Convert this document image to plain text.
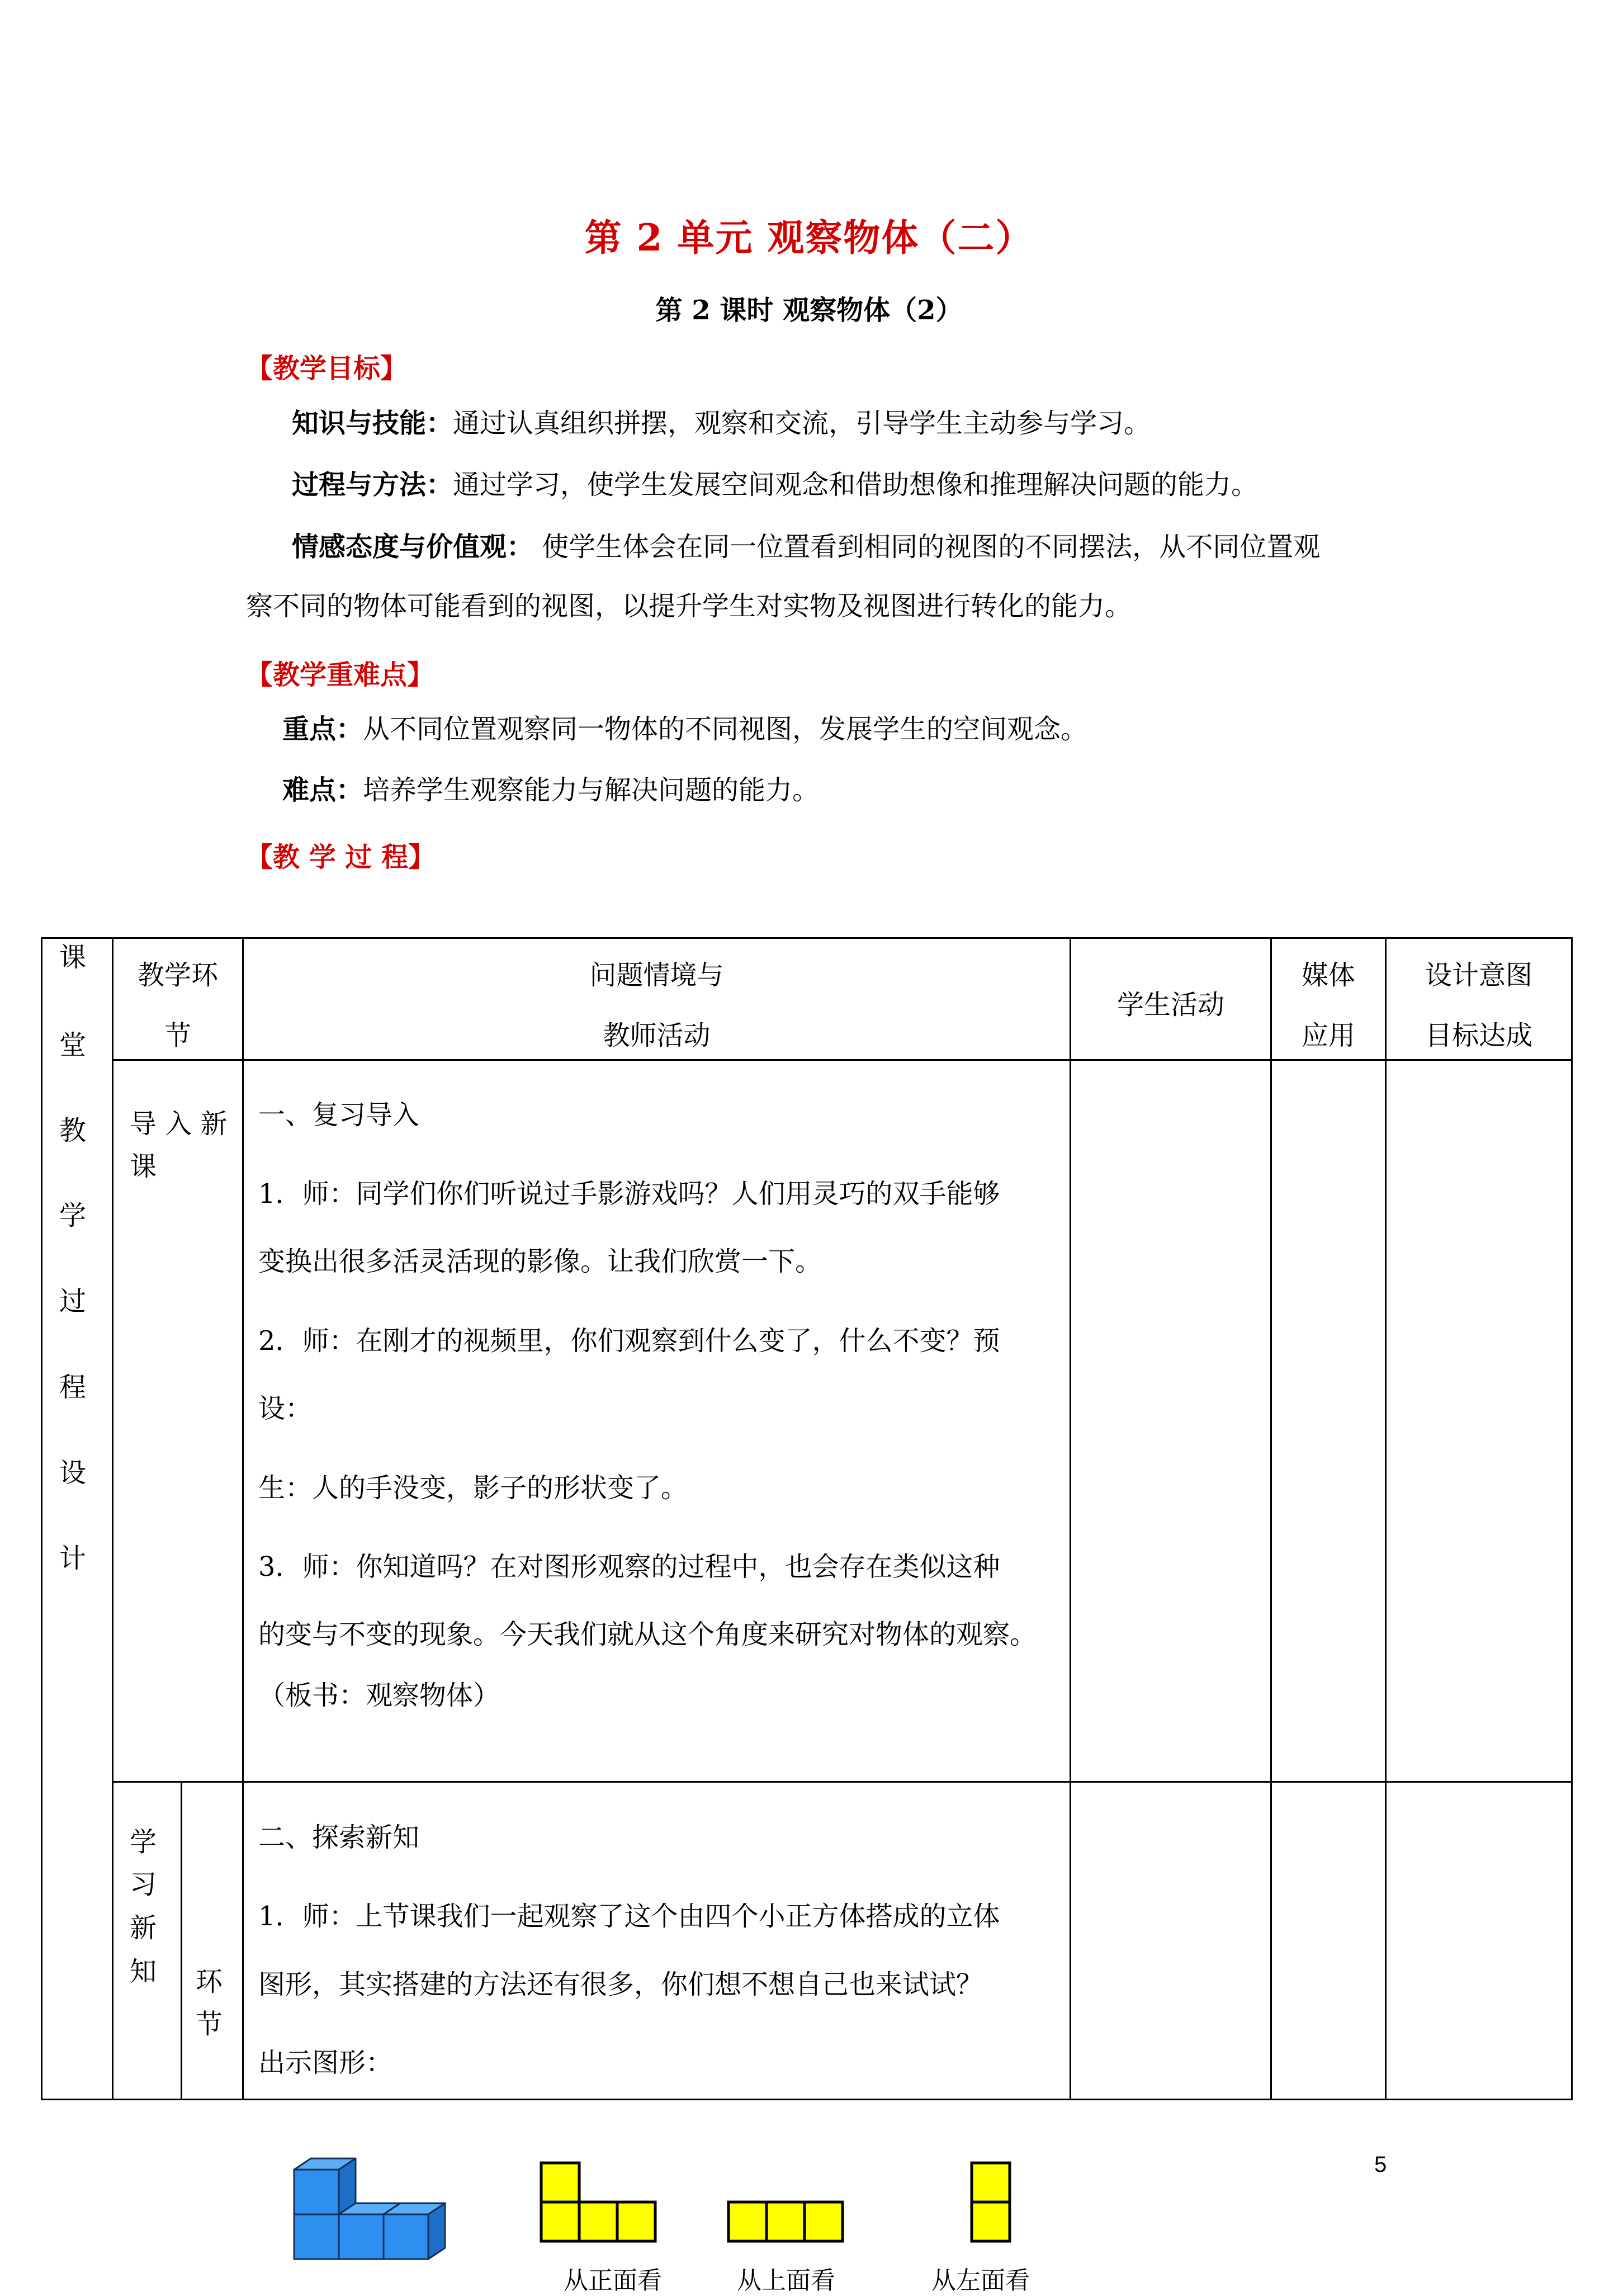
第 2 单元 观察物体（二）
第 2 课时 观察物体（2）
【教学目标】
知识与技能：通过认真组织拼摆，观察和交流，引导学生主动参与学习。
过程与方法：通过学习，使学生发展空间观念和借助想像和推理解决问题的能力。
情感态度与价值观： 使学生体会在同一位置看到相同的视图的不同摆法，从不同位置观
察不同的物体可能看到的视图，以提升学生对实物及视图进行转化的能力。
【教学重难点】
重点：从不同位置观察同一物体的不同视图，发展学生的空间观念。
难点：培养学生观察能力与解决问题的能力。
【教 学 过 程】
课
堂
教
学
过
程
设
计
教学环
节
问题情境与
教师活动
学生活动
媒体
应用
设计意图
目标达成
导 入 新
课
一、复习导入
1．师：同学们你们听说过手影游戏吗？人们用灵巧的双手能够
变换出很多活灵活现的影像。让我们欣赏一下。
2．师：在刚才的视频里，你们观察到什么变了，什么不变？预
设：
生：人的手没变，影子的形状变了。
3．师：你知道吗？在对图形观察的过程中，也会存在类似这种
的变与不变的现象。今天我们就从这个角度来研究对物体的观察。
（板书：观察物体）
学
习
新
知 环
节
二、探索新知
1．师：上节课我们一起观察了这个由四个小正方体搭成的立体
图形，其实搭建的方法还有很多，你们想不想自己也来试试？
出示图形：
5
从正面看	从上面看	从左面看
